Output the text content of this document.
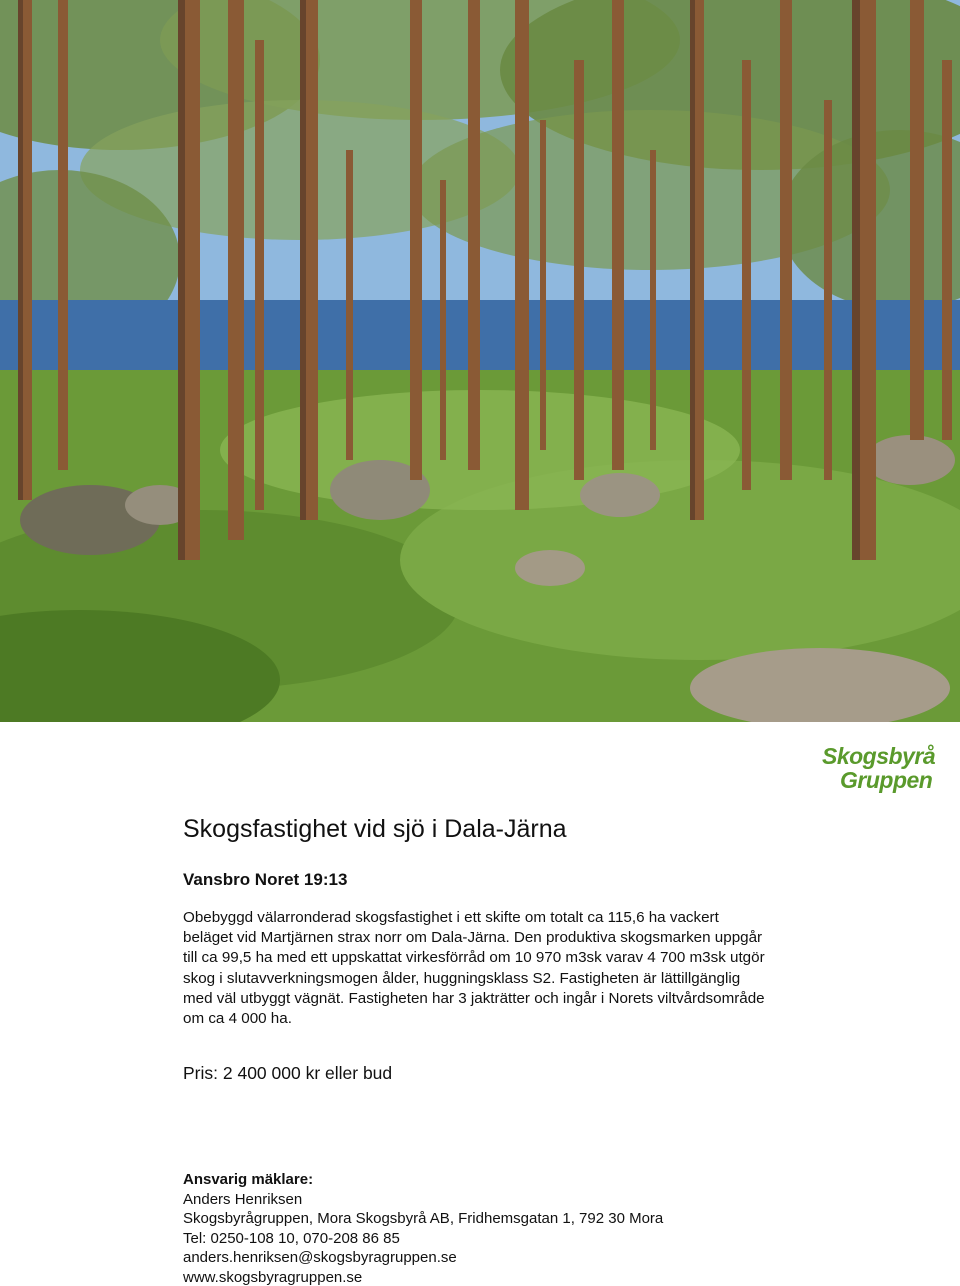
Skogsbyrå
Gruppen
Skogsfastighet vid sjö i Dala-Järna
Vansbro Noret 19:13
Obebyggd välarronderad skogsfastighet i ett skifte om totalt ca 115,6 ha vackert
beläget vid Martjärnen strax norr om Dala-Järna. Den produktiva skogsmarken uppgår
till ca 99,5 ha med ett uppskattat virkesförråd om 10 970 m3sk varav 4 700 m3sk utgör
skog i slutavverkningsmogen ålder, huggningsklass S2. Fastigheten är lättillgänglig
med väl utbyggt vägnät. Fastigheten har 3 jakträtter och ingår i Norets viltvårdsområde
om ca 4 000 ha.
Pris: 2 400 000 kr eller bud
Ansvarig mäklare:
Anders Henriksen
Skogsbyrågruppen, Mora Skogsbyrå AB, Fridhemsgatan 1, 792 30 Mora
Tel: 0250-108 10, 070-208 86 85
anders.henriksen@skogsbyragruppen.se
www.skogsbyragruppen.se
